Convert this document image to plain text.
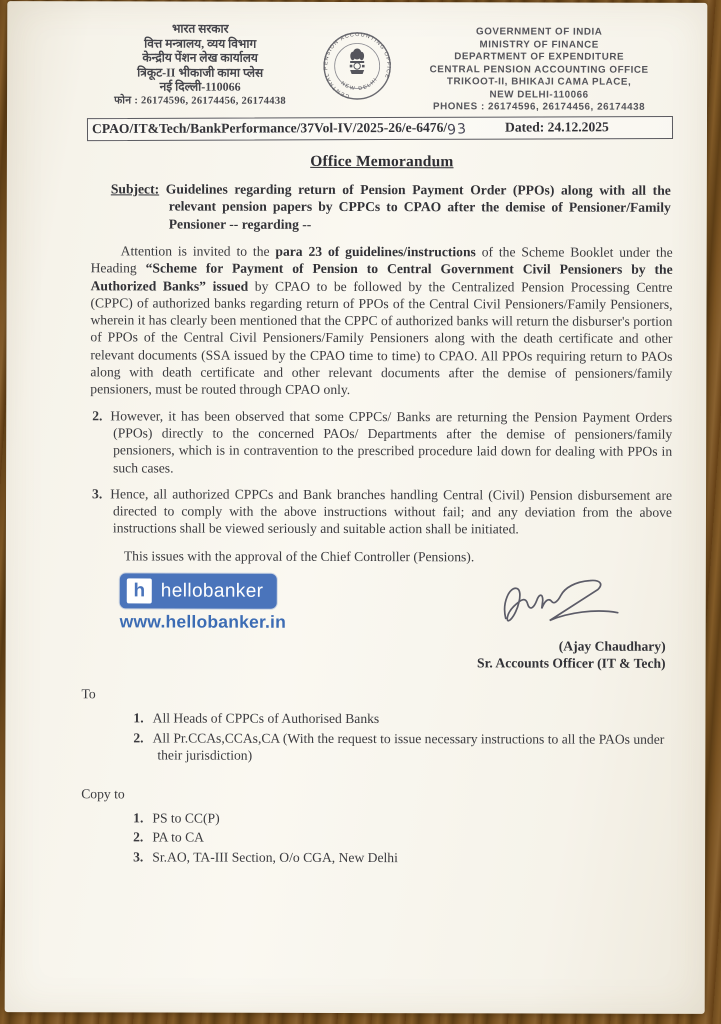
भारत सरकार
वित्त मन्त्रालय, व्यय विभाग
केन्द्रीय पेंशन लेख कार्यालय
त्रिकूट-II भीकाजी कामा प्लेस
नई दिल्ली-110066
फोन : 26174596, 26174456, 26174438	CENTRAL PENSION ACCOUNTING OFFICE
NEW DELHI
GOVERNMENT OF INDIA
MINISTRY OF FINANCE
DEPARTMENT OF EXPENDITURE
CENTRAL PENSION ACCOUNTING OFFICE
TRIKOOT-II, BHIKAJI CAMA PLACE,
NEW DELHI-110066
PHONES : 26174596, 26174456, 26174438
CPAO/IT&Tech/BankPerformance/37Vol-IV/2025-26/e-6476/ 93	Dated: 24.12.2025
Office Memorandum
Subject: Guidelines regarding return of Pension Payment Order (PPOs) along with all the relevant pension papers by CPPCs to CPAO after the demise of Pensioner/Family Pensioner -- regarding --
Attention is invited to the para 23 of guidelines/instructions of the Scheme Booklet under the Heading “Scheme for Payment of Pension to Central Government Civil Pensioners by the Authorized Banks” issued by CPAO to be followed by the Centralized Pension Processing Centre (CPPC) of authorized banks regarding return of PPOs of the Central Civil Pensioners/Family Pensioners, wherein it has clearly been mentioned that the CPPC of authorized banks will return the disburser's portion of PPOs of the Central Civil Pensioners/Family Pensioners along with the death certificate and other relevant documents (SSA issued by the CPAO time to time) to CPAO. All PPOs requiring return to PAOs along with death certificate and other relevant documents after the demise of pensioners/family pensioners, must be routed through CPAO only.
2. However, it has been observed that some CPPCs/ Banks are returning the Pension Payment Orders (PPOs) directly to the concerned PAOs/ Departments after the demise of pensioners/family pensioners, which is in contravention to the prescribed procedure laid down for dealing with PPOs in such cases.
3. Hence, all authorized CPPCs and Bank branches handling Central (Civil) Pension disbursement are directed to comply with the above instructions without fail; and any deviation from the above instructions shall be viewed seriously and suitable action shall be initiated.
This issues with the approval of the Chief Controller (Pensions).
h hellobanker
www.hellobanker.in
(Ajay Chaudhary)
Sr. Accounts Officer (IT & Tech)
To
1. All Heads of CPPCs of Authorised Banks
2. All Pr.CCAs,CCAs,CA (With the request to issue necessary instructions to all the PAOs under their jurisdiction)
Copy to
1. PS to CC(P)
2. PA to CA
3. Sr.AO, TA-III Section, O/o CGA, New Delhi
